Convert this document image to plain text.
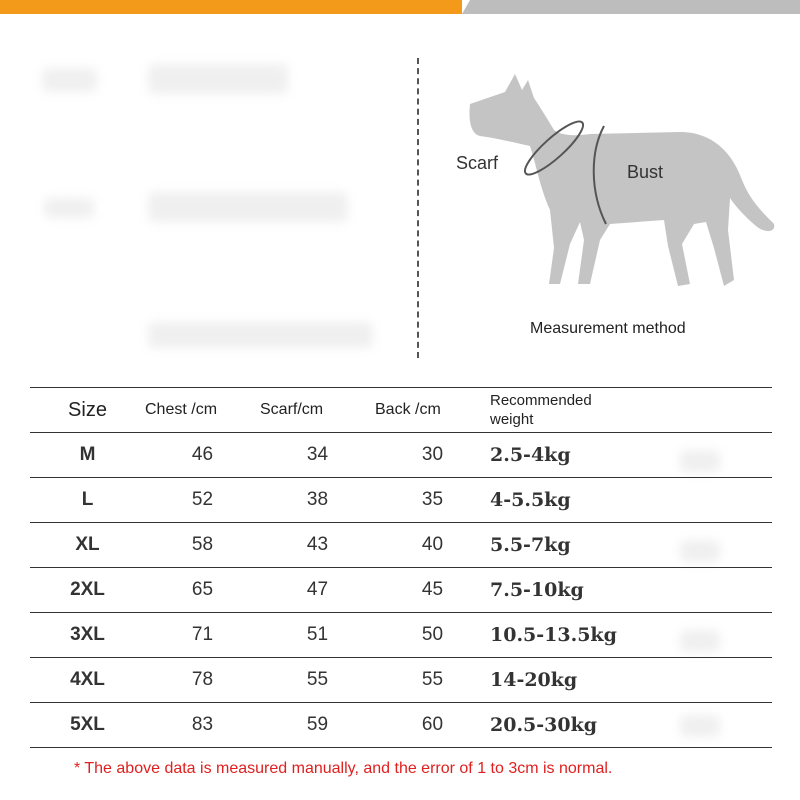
Scarf	Bust
Measurement method
Size	Chest /cm	Scarf/cm	Back /cm	Recommended
weight

M	46	34	30	2.5-4kg
L	52	38	35	4-5.5kg
XL	58	43	40	5.5-7kg
2XL	65	47	45	7.5-10kg
3XL	71	51	50	10.5-13.5kg
4XL	78	55	55	14-20kg
5XL	83	59	60	20.5-30kg
* The above data is measured manually, and the error of 1 to 3cm is normal.
